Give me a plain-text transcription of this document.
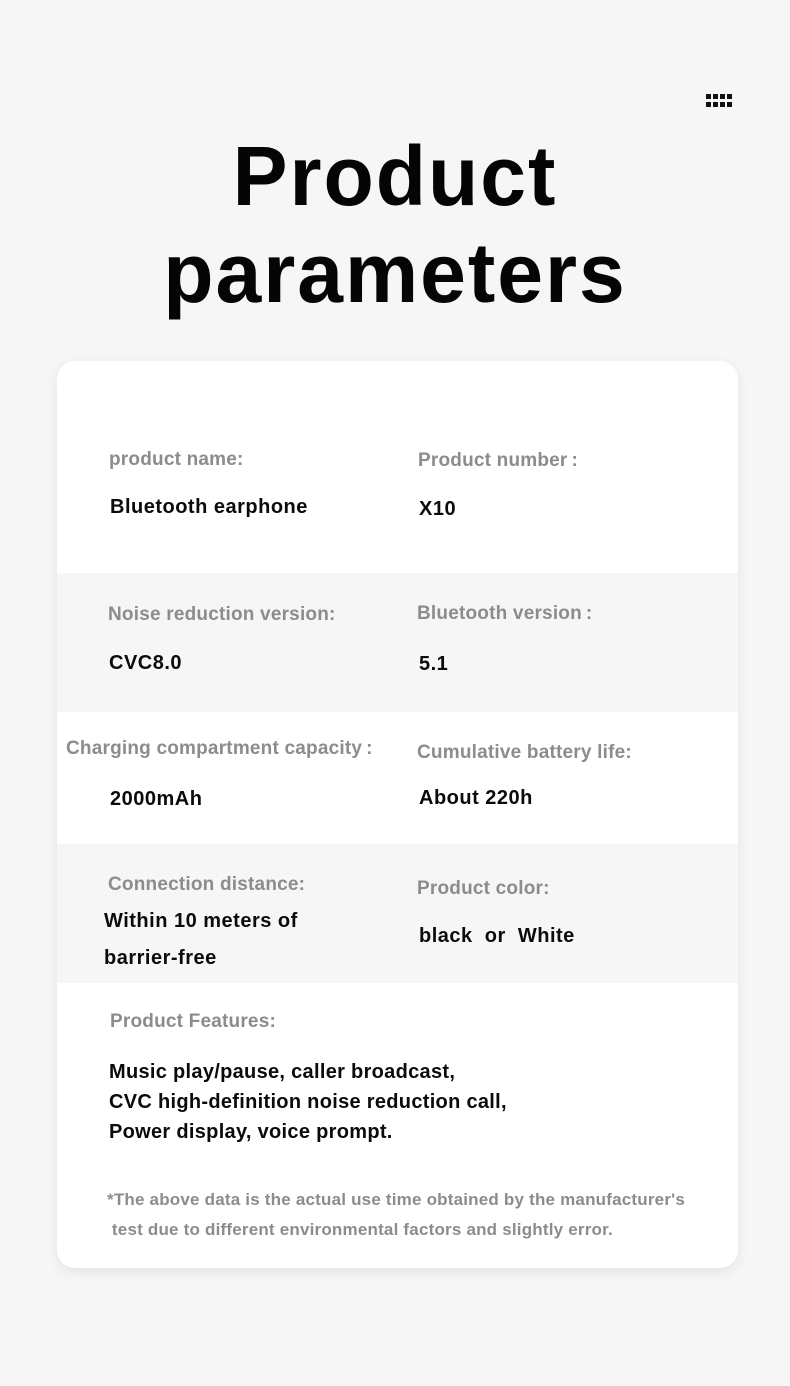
Product parameters
product name:
Bluetooth earphone
Product number :
X10
Noise reduction version:
CVC8.0
Bluetooth version :
5.1
Charging compartment capacity :
2000mAh
Cumulative battery life:
About 220h
Connection distance:
Within 10 meters of
barrier-free
Product color:
black  or  White
Product Features:
Music play/pause, caller broadcast,
CVC high-definition noise reduction call,
Power display, voice prompt.
*The above data is the actual use time obtained by the manufacturer's
test due to different environmental factors and slightly error.
